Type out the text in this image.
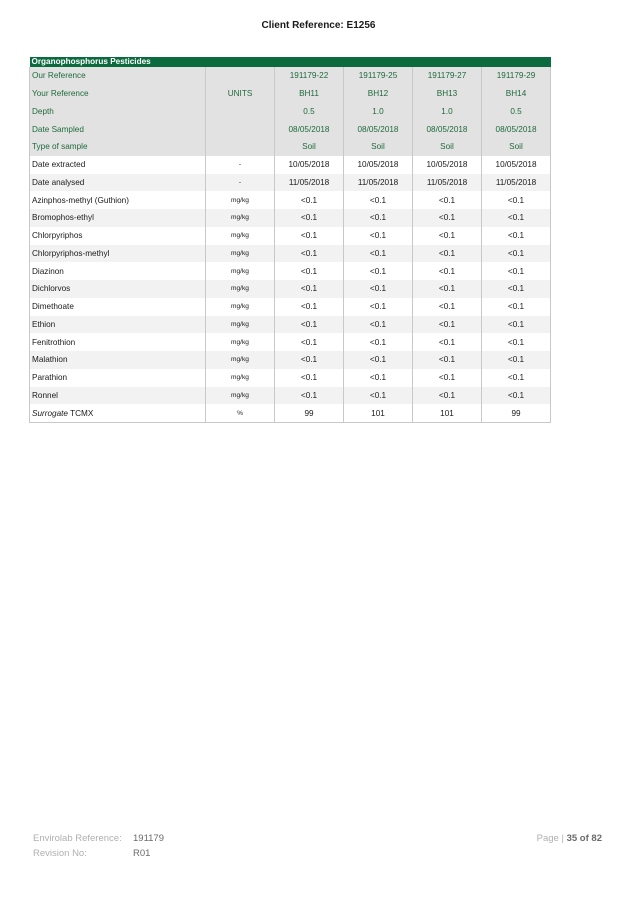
Client Reference: E1256
Organophosphorus Pesticides					
Our Reference		191179-22	191179-25	191179-27	191179-29
Your Reference	UNITS	BH11	BH12	BH13	BH14
Depth		0.5	1.0	1.0	0.5
Date Sampled		08/05/2018	08/05/2018	08/05/2018	08/05/2018
Type of sample		Soil	Soil	Soil	Soil
Date extracted	-	10/05/2018	10/05/2018	10/05/2018	10/05/2018
Date analysed	-	11/05/2018	11/05/2018	11/05/2018	11/05/2018
Azinphos-methyl (Guthion)	mg/kg	<0.1	<0.1	<0.1	<0.1
Bromophos-ethyl	mg/kg	<0.1	<0.1	<0.1	<0.1
Chlorpyriphos	mg/kg	<0.1	<0.1	<0.1	<0.1
Chlorpyriphos-methyl	mg/kg	<0.1	<0.1	<0.1	<0.1
Diazinon	mg/kg	<0.1	<0.1	<0.1	<0.1
Dichlorvos	mg/kg	<0.1	<0.1	<0.1	<0.1
Dimethoate	mg/kg	<0.1	<0.1	<0.1	<0.1
Ethion	mg/kg	<0.1	<0.1	<0.1	<0.1
Fenitrothion	mg/kg	<0.1	<0.1	<0.1	<0.1
Malathion	mg/kg	<0.1	<0.1	<0.1	<0.1
Parathion	mg/kg	<0.1	<0.1	<0.1	<0.1
Ronnel	mg/kg	<0.1	<0.1	<0.1	<0.1
Surrogate TCMX	%	99	101	101	99
Envirolab Reference: 191179
Revision No:	R01
Page | 35 of 82
